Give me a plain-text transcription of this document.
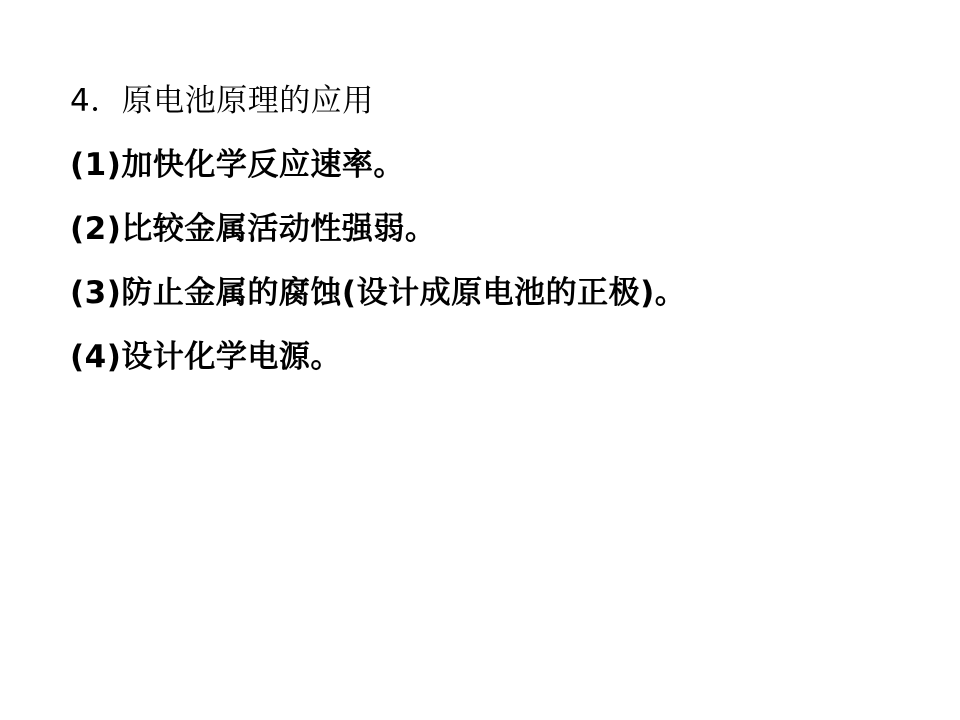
4．原电池原理的应用
(1)加快化学反应速率。
(2)比较金属活动性强弱。
(3)防止金属的腐蚀(设计成原电池的正极)。
(4)设计化学电源。
